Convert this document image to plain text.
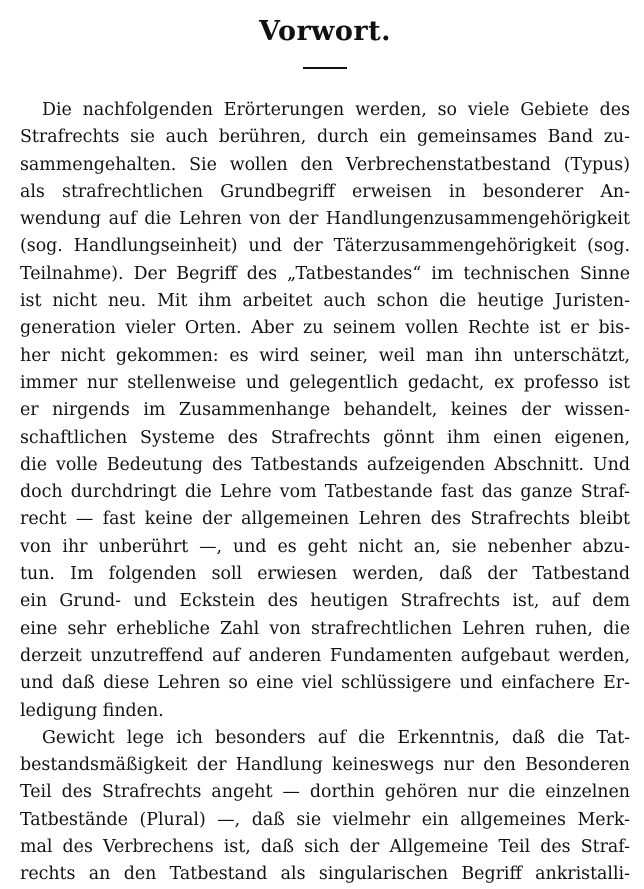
Vorwort.
Die nachfolgenden Erörterungen werden, so viele Gebiete des
Strafrechts sie auch berühren, durch ein gemeinsames Band zu-
sammengehalten. Sie wollen den Verbrechenstatbestand (Typus)
als strafrechtlichen Grundbegriff erweisen in besonderer An-
wendung auf die Lehren von der Handlungenzusammengehörigkeit
(sog. Handlungseinheit) und der Täterzusammengehörigkeit (sog.
Teilnahme). Der Begriff des „Tatbestandes“ im technischen Sinne
ist nicht neu. Mit ihm arbeitet auch schon die heutige Juristen-
generation vieler Orten. Aber zu seinem vollen Rechte ist er bis-
her nicht gekommen: es wird seiner, weil man ihn unterschätzt,
immer nur stellenweise und gelegentlich gedacht, ex professo ist
er nirgends im Zusammenhange behandelt, keines der wissen-
schaftlichen Systeme des Strafrechts gönnt ihm einen eigenen,
die volle Bedeutung des Tatbestands aufzeigenden Abschnitt. Und
doch durchdringt die Lehre vom Tatbestande fast das ganze Straf-
recht — fast keine der allgemeinen Lehren des Strafrechts bleibt
von ihr unberührt —, und es geht nicht an, sie nebenher abzu-
tun. Im folgenden soll erwiesen werden, daß der Tatbestand
ein Grund- und Eckstein des heutigen Strafrechts ist, auf dem
eine sehr erhebliche Zahl von strafrechtlichen Lehren ruhen, die
derzeit unzutreffend auf anderen Fundamenten aufgebaut werden,
und daß diese Lehren so eine viel schlüssigere und einfachere Er-
ledigung finden.
Gewicht lege ich besonders auf die Erkenntnis, daß die Tat-
bestandsmäßigkeit der Handlung keineswegs nur den Besonderen
Teil des Strafrechts angeht — dorthin gehören nur die einzelnen
Tatbestände (Plural) —, daß sie vielmehr ein allgemeines Merk-
mal des Verbrechens ist, daß sich der Allgemeine Teil des Straf-
rechts an den Tatbestand als singularischen Begriff ankristalli-
